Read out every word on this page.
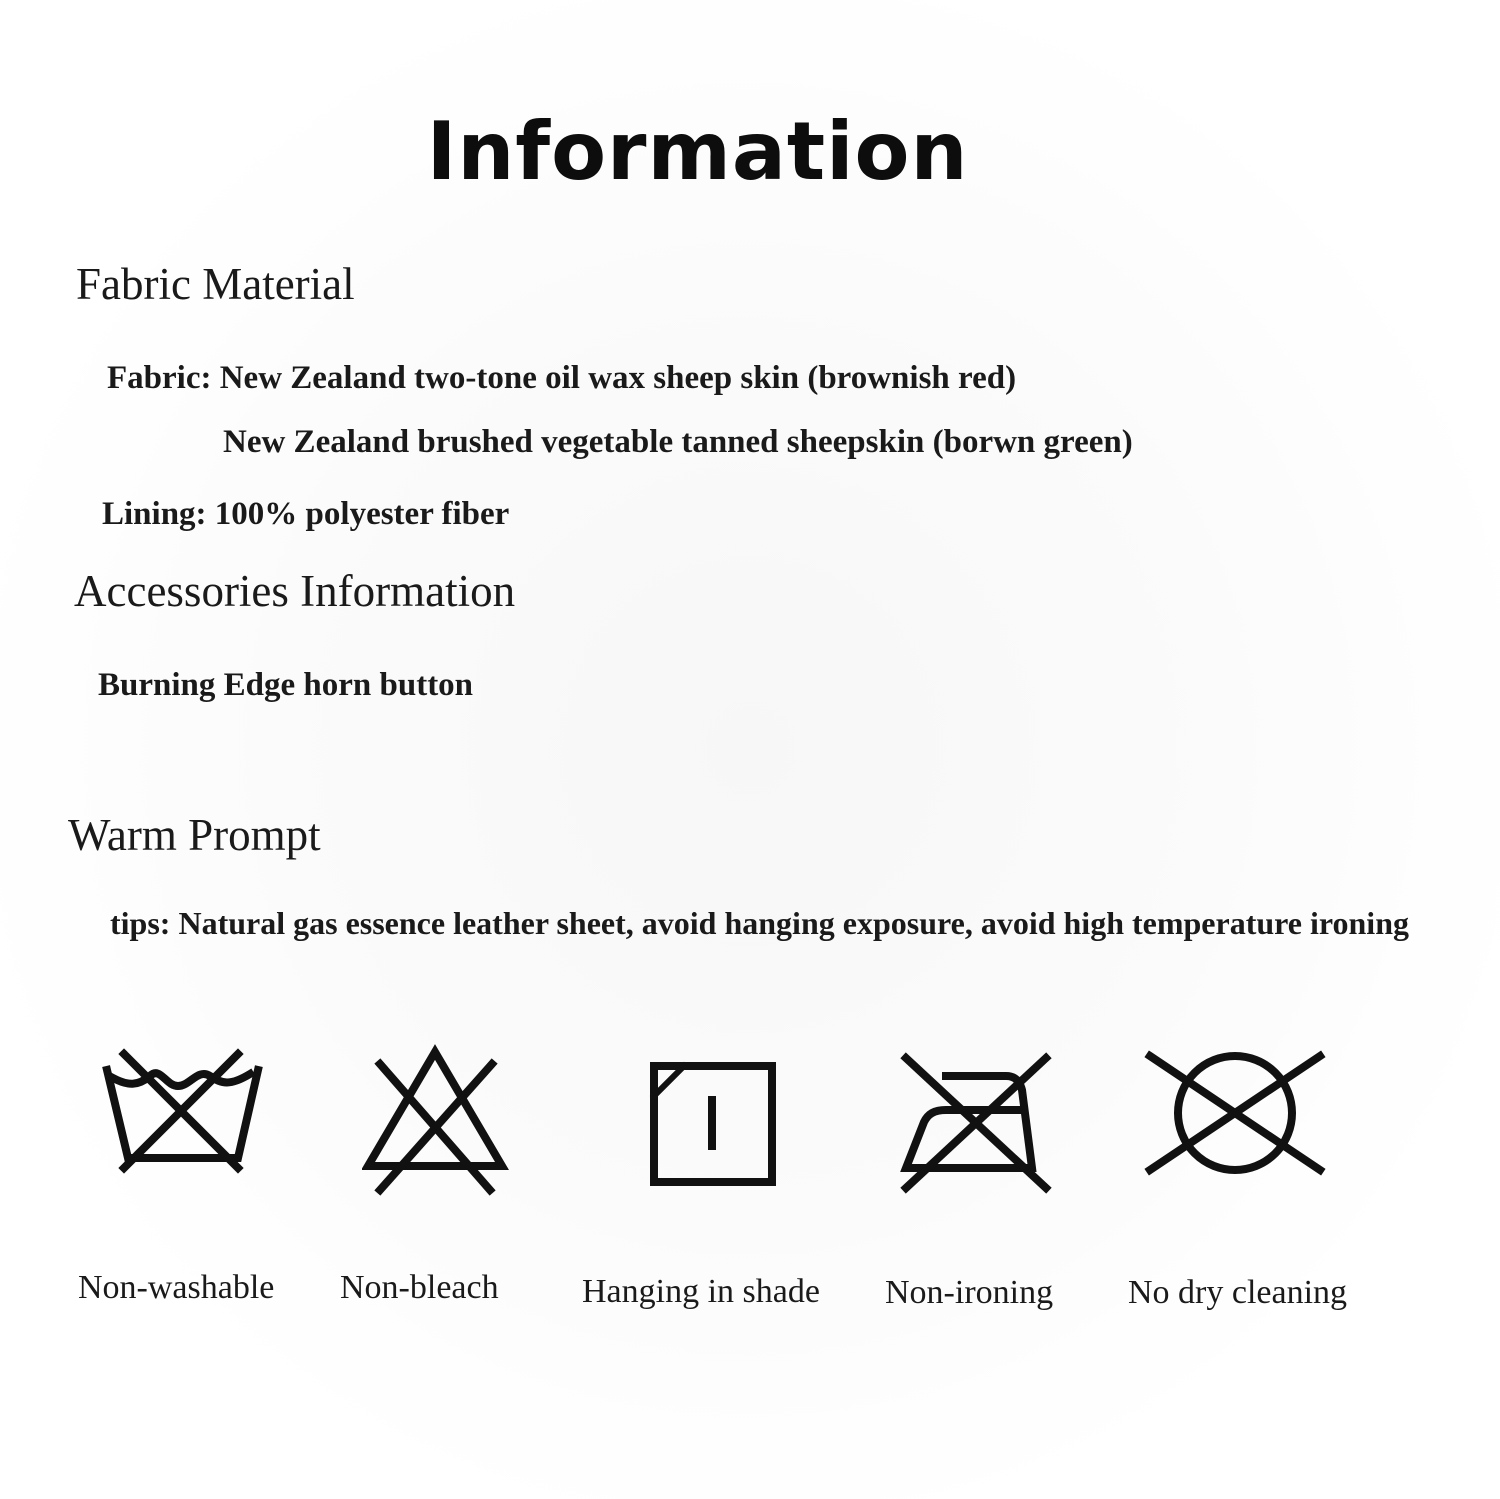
Information
Fabric Material
Fabric: New Zealand two-tone oil wax sheep skin (brownish red)
New Zealand brushed vegetable tanned sheepskin (borwn green)
Lining: 100% polyester fiber
Accessories Information
Burning Edge horn button
Warm Prompt
tips: Natural gas essence leather sheet, avoid hanging exposure, avoid high temperature ironing
Non-washable Non-bleach Hanging in shade Non-ironing No dry cleaning
